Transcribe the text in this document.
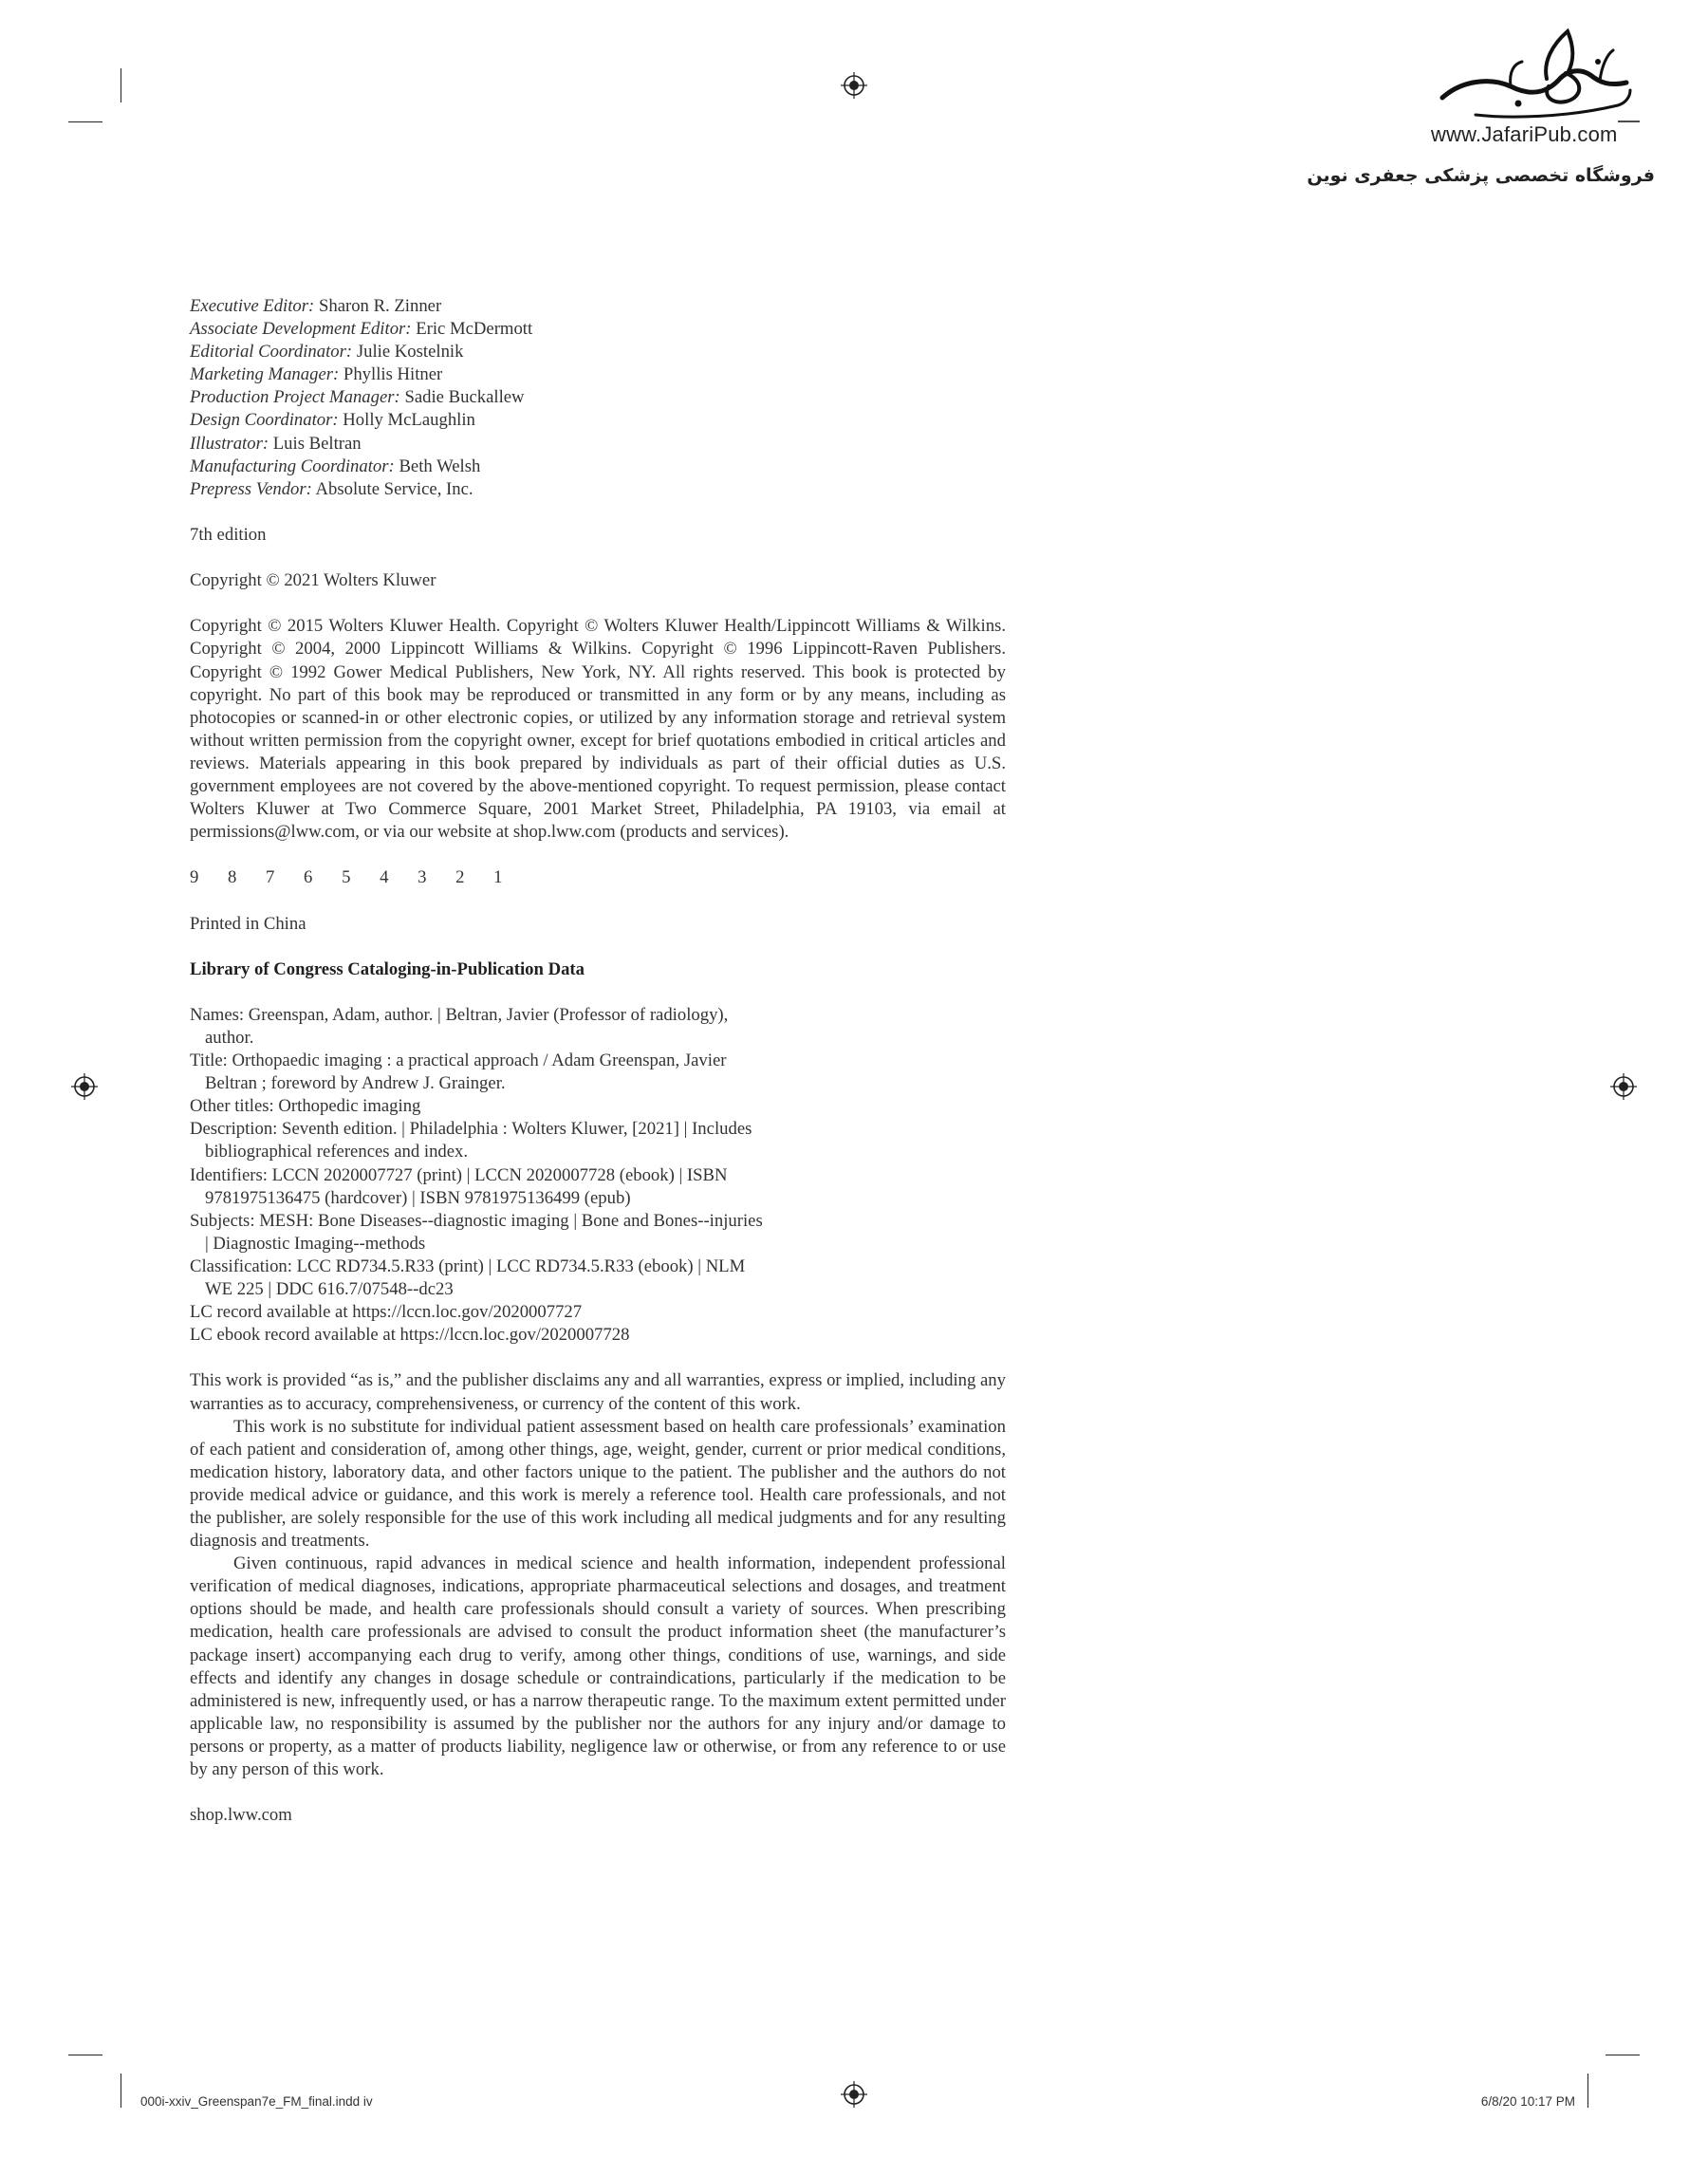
www.JafariPub.com
فروشگاه تخصصی پزشکی جعفری نوین

Executive Editor: Sharon R. Zinner

Associate Development Editor: Eric McDermott

Editorial Coordinator: Julie Kostelnik

Marketing Manager: Phyllis Hitner

Production Project Manager: Sadie Buckallew

Design Coordinator: Holly McLaughlin

Illustrator: Luis Beltran

Manufacturing Coordinator: Beth Welsh

Prepress Vendor: Absolute Service, Inc.

7th edition

Copyright © 2021 Wolters Kluwer

Copyright © 2015 Wolters Kluwer Health. Copyright © Wolters Kluwer Health/Lippincott Williams & Wilkins. Copyright © 2004, 2000 Lippincott Williams & Wilkins. Copyright © 1996 Lippincott-Raven Publishers. Copyright © 1992 Gower Medical Publishers, New York, NY. All rights reserved. This book is protected by copyright. No part of this book may be reproduced or transmitted in any form or by any means, including as photocopies or scanned-in or other electronic copies, or utilized by any information storage and retrieval system without written permission from the copyright owner, except for brief quotations embodied in critical articles and reviews. Materials appearing in this book prepared by individuals as part of their official duties as U.S. government employees are not covered by the above-mentioned copyright. To request permission, please contact Wolters Kluwer at Two Commerce Square, 2001 Market Street, Philadelphia, PA 19103, via email at permissions@lww.com, or via our website at shop.lww.com (products and services).

9 8 7 6 5 4 3 2 1

Printed in China

Library of Congress Cataloging-in-Publication Data

Names: Greenspan, Adam, author. | Beltran, Javier (Professor of radiology), author.

Title: Orthopaedic imaging : a practical approach / Adam Greenspan, Javier Beltran ; foreword by Andrew J. Grainger.

Other titles: Orthopedic imaging

Description: Seventh edition. | Philadelphia : Wolters Kluwer, [2021] | Includes bibliographical references and index.

Identifiers: LCCN 2020007727 (print) | LCCN 2020007728 (ebook) | ISBN 9781975136475 (hardcover) | ISBN 9781975136499 (epub)

Subjects: MESH: Bone Diseases--diagnostic imaging | Bone and Bones--injuries | Diagnostic Imaging--methods

Classification: LCC RD734.5.R33 (print) | LCC RD734.5.R33 (ebook) | NLM WE 225 | DDC 616.7/07548--dc23

LC record available at https://lccn.loc.gov/2020007727

LC ebook record available at https://lccn.loc.gov/2020007728

This work is provided “as is,” and the publisher disclaims any and all warranties, express or implied, including any warranties as to accuracy, comprehensiveness, or currency of the content of this work.

This work is no substitute for individual patient assessment based on health care professionals’ examination of each patient and consideration of, among other things, age, weight, gender, current or prior medical conditions, medication history, laboratory data, and other factors unique to the patient. The publisher and the authors do not provide medical advice or guidance, and this work is merely a reference tool. Health care professionals, and not the publisher, are solely responsible for the use of this work including all medical judgments and for any resulting diagnosis and treatments.

Given continuous, rapid advances in medical science and health information, independent professional verification of medical diagnoses, indications, appropriate pharmaceutical selections and dosages, and treatment options should be made, and health care professionals should consult a variety of sources. When prescribing medication, health care professionals are advised to consult the product information sheet (the manufacturer’s package insert) accompanying each drug to verify, among other things, conditions of use, warnings, and side effects and identify any changes in dosage schedule or contraindications, particularly if the medication to be administered is new, infrequently used, or has a narrow therapeutic range. To the maximum extent permitted under applicable law, no responsibility is assumed by the publisher nor the authors for any injury and/or damage to persons or property, as a matter of products liability, negligence law or otherwise, or from any reference to or use by any person of this work.

shop.lww.com

000i-xxiv_Greenspan7e_FM_final.indd iv	6/8/20 10:17 PM
